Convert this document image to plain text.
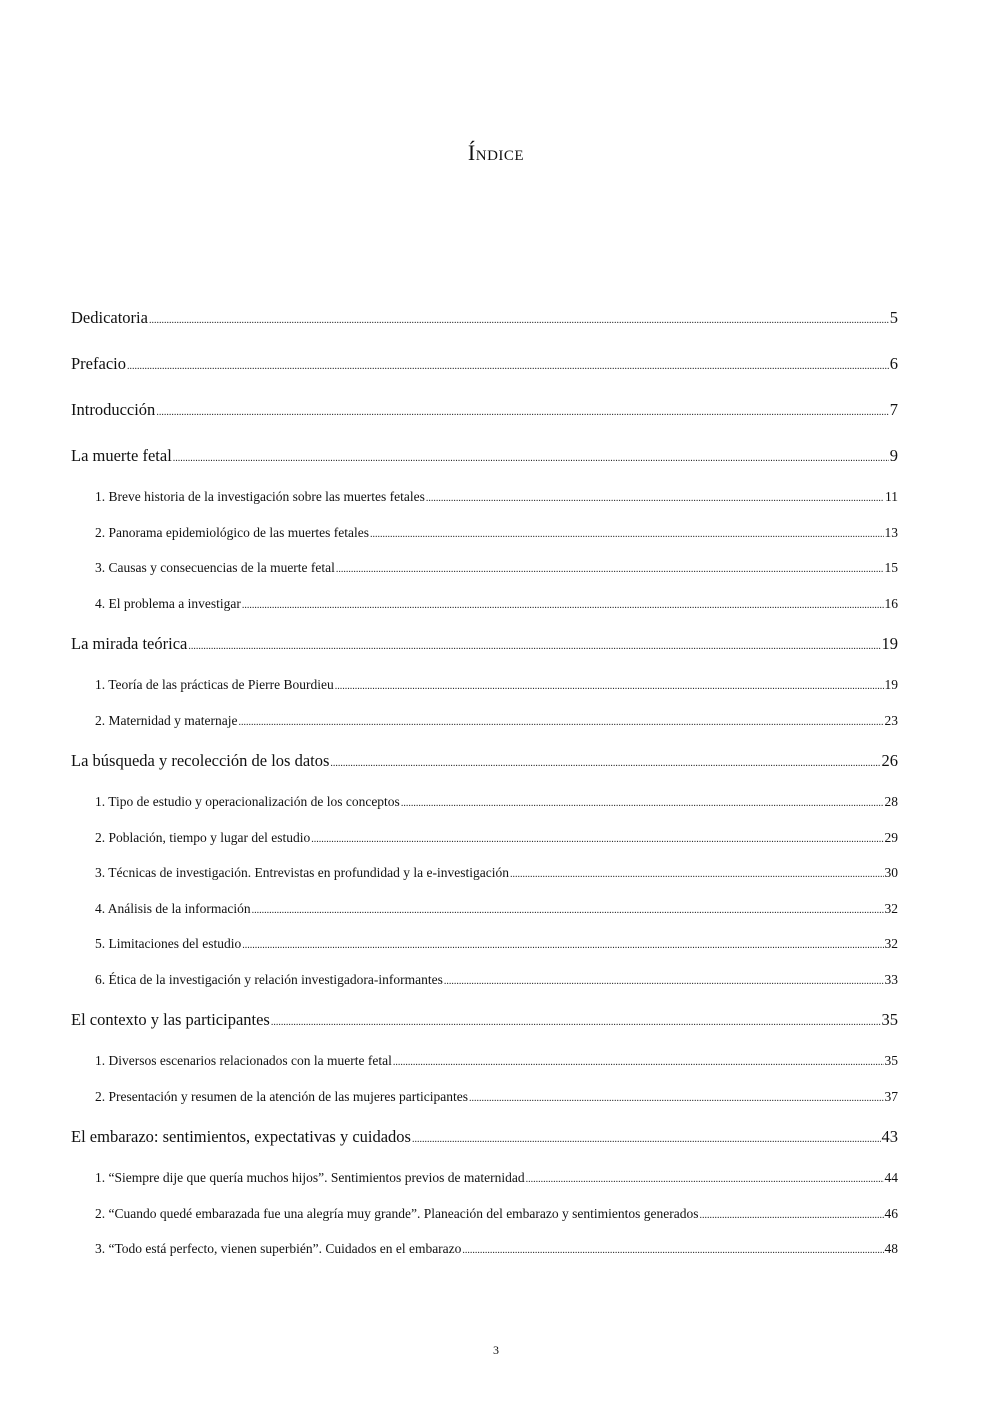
Índice
Dedicatoria .....	5
Prefacio .....	6
Introducción .....	7
La muerte fetal .....	9
1. Breve historia de la investigación sobre las muertes fetales .....	11
2. Panorama epidemiológico de las muertes fetales .....	13
3. Causas y consecuencias de la muerte fetal .....	15
4. El problema a investigar .....	16
La mirada teórica .....	19
1. Teoría de las prácticas de Pierre Bourdieu .....	19
2. Maternidad y maternaje .....	23
La búsqueda y recolección de los datos .....	26
1. Tipo de estudio y operacionalización de los conceptos .....	28
2. Población, tiempo y lugar del estudio .....	29
3. Técnicas de investigación. Entrevistas en profundidad y la e-investigación .....	30
4. Análisis de la información .....	32
5. Limitaciones del estudio .....	32
6. Ética de la investigación y relación investigadora-informantes .....	33
El contexto y las participantes .....	35
1. Diversos escenarios relacionados con la muerte fetal .....	35
2. Presentación y resumen de la atención de las mujeres participantes .....	37
El embarazo: sentimientos, expectativas y cuidados .....	43
1. “Siempre dije que quería muchos hijos”. Sentimientos previos de maternidad .....	44
2. “Cuando quedé embarazada fue una alegría muy grande”. Planeación del embarazo y sentimientos generados .....	46
3. “Todo está perfecto, vienen superbién”. Cuidados en el embarazo .....	48
3
